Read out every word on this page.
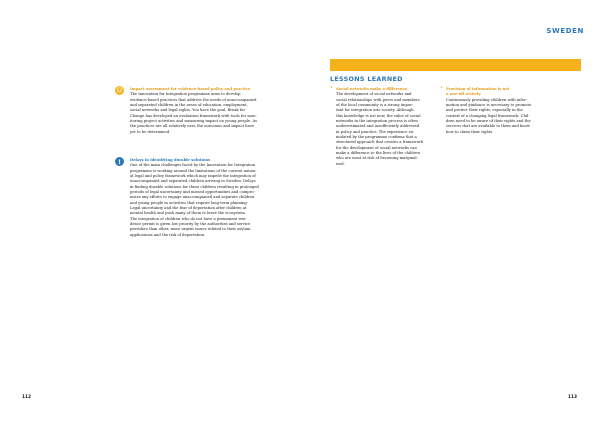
☺	Impact assessment for evidence-based policy and practice
The Innovation for Integration programme aims to develop
evidence-based practices that address the needs of unaccompanied
and separated children in the areas of education, employment,
social networks and legal rights. You have the goal, Break for
Change has developed an evaluation framework with tools for mon-
itoring project activities and measuring impact on young people. As
the practices are all relatively new, the outcomes and impact have
yet to be determined.
!	Delays in identifying durable solutions
One of the main challenges faced by the Innovation for Integration
programme is working around the limitations of the current nation-
al legal and policy framework which may impede the integration of
unaccompanied and separated children arriving in Sweden. Delays
in finding durable solutions for these children resulting in prolonged
periods of legal uncertainty and missed opportunities and compro-
mises any efforts to engage unaccompanied and separate children
and young people in activities that require long-term planning.
Legal uncertainty and the fear of deportation after children at
mental health and push many of them to leave the ecosystem.
The integration of children who do not have a permanent resi-
dence permit is given low priority by the authorities and service
providers than other, more urgent issues related to their asylum
applications and the risk of deportation.
112
SWEDEN
LESSONS LEARNED
• Social networks make a difference.
The development of social networks and
social relationships with peers and members
of the local community is a strong impor-
tant for integration into society. Although
this knowledge is not new, the value of social
networks in the integration process is often
underestimated and insufficiently addressed
in policy and practice. The experience ex-
mulated by the programme confirms that a
structured approach that creates a framework
for the development of social networks can
make a difference to the lives of the children
who are most at risk of becoming marginal-
ised.
• Provision of information is not
a one-off activity.
Continuously providing children with infor-
mation and guidance is necessary to promote
and protect their rights, especially in the
context of a changing legal framework. Chil-
dren need to be aware of their rights and the
services that are available to them and know
how to claim their rights.
113
